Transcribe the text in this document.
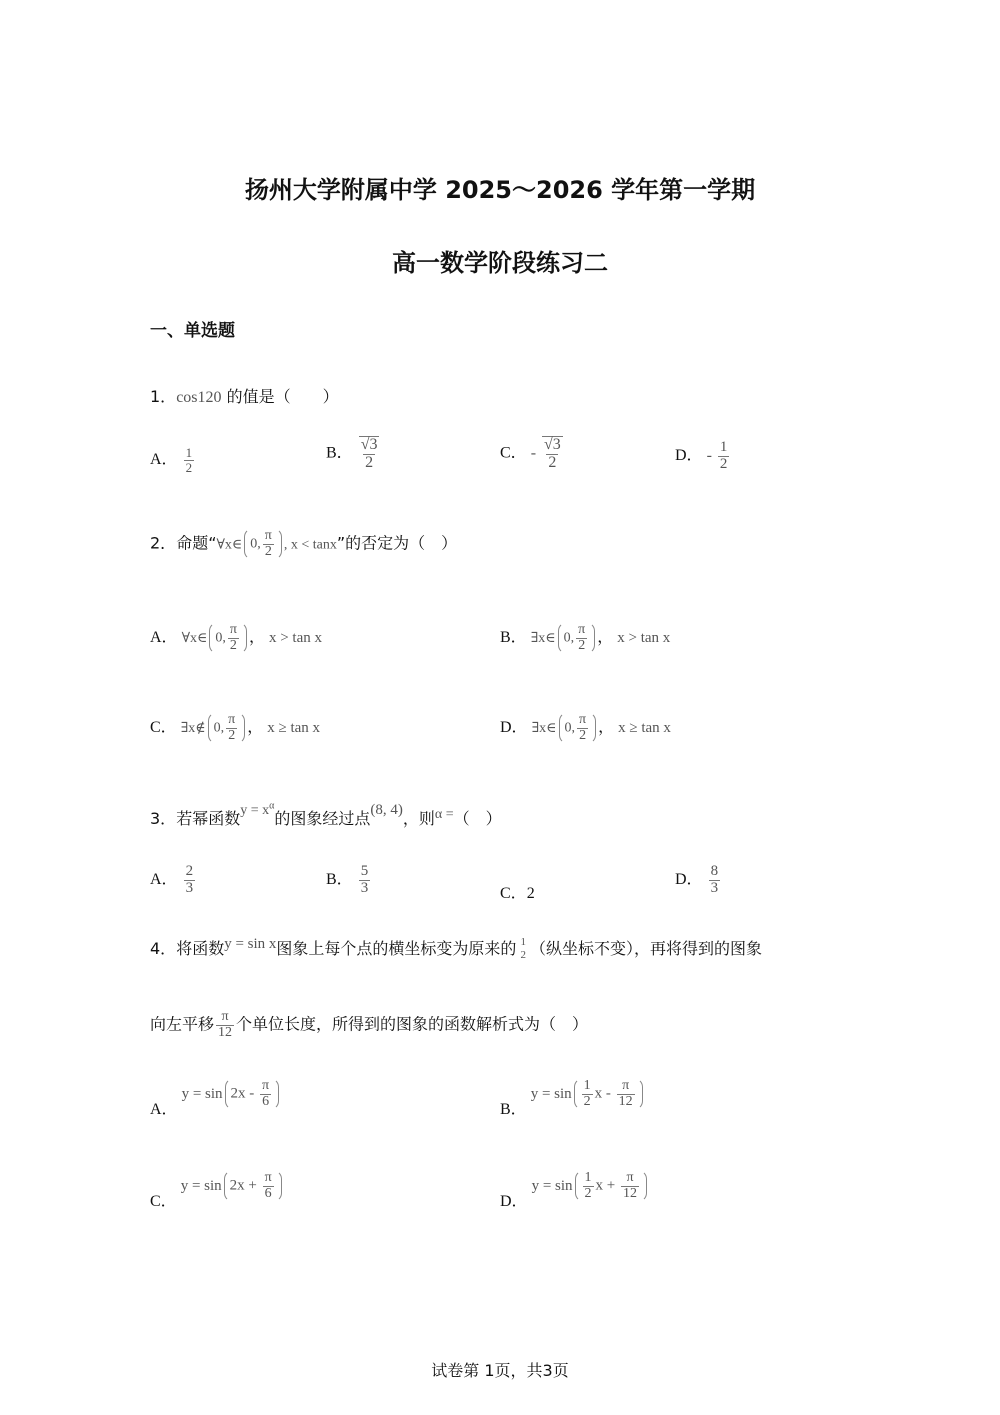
扬州大学附属中学 2025～2026 学年第一学期
高一数学阶段练习二
一、单选题
1．cos120 的值是（　　）
A． $\frac{1}{2}$	B． $\frac{√3}{2}$	C． - $\frac{√3}{2}$	D． - $\frac{1}{2}$
2．命题“∀x∈ 0, $\frac{\pi}{2}$ , x < tanx”的否定为（　）
A． ∀x∈ 0, $\frac{\pi}{2}$ ， x > tan x	B． ∃x∈ 0, $\frac{\pi}{2}$ ， x > tan x
C． ∃x∉ 0, $\frac{\pi}{2}$ ， x ≥ tan x	D． ∃x∈ 0, $\frac{\pi}{2}$ ， x ≥ tan x
3．若幂函数$y = x^\alpha$的图象经过点(8, 4)，则α =（　）
A． $\frac{2}{3}$	B． $\frac{5}{3}$	C．2
D． $\frac{8}{3}$
4．将函数y = sin x图象上每个点的横坐标变为原来的 1
2 （纵坐标不变），再将得到的图象
向左平移 $\frac{\pi}{12}$ 个单位长度，所得到的图象的函数解析式为（　）
A． $y = \sin 2x - \frac{\pi}{6}$	B． $y = \sin \frac{1}{2}$ x - $\frac{\pi}{12}$
C． $y = \sin 2x + \frac{\pi}{6}$	D． $y = \sin \frac{1}{2}$ $x + \frac{\pi}{12}$
试卷第 1页，共3页
